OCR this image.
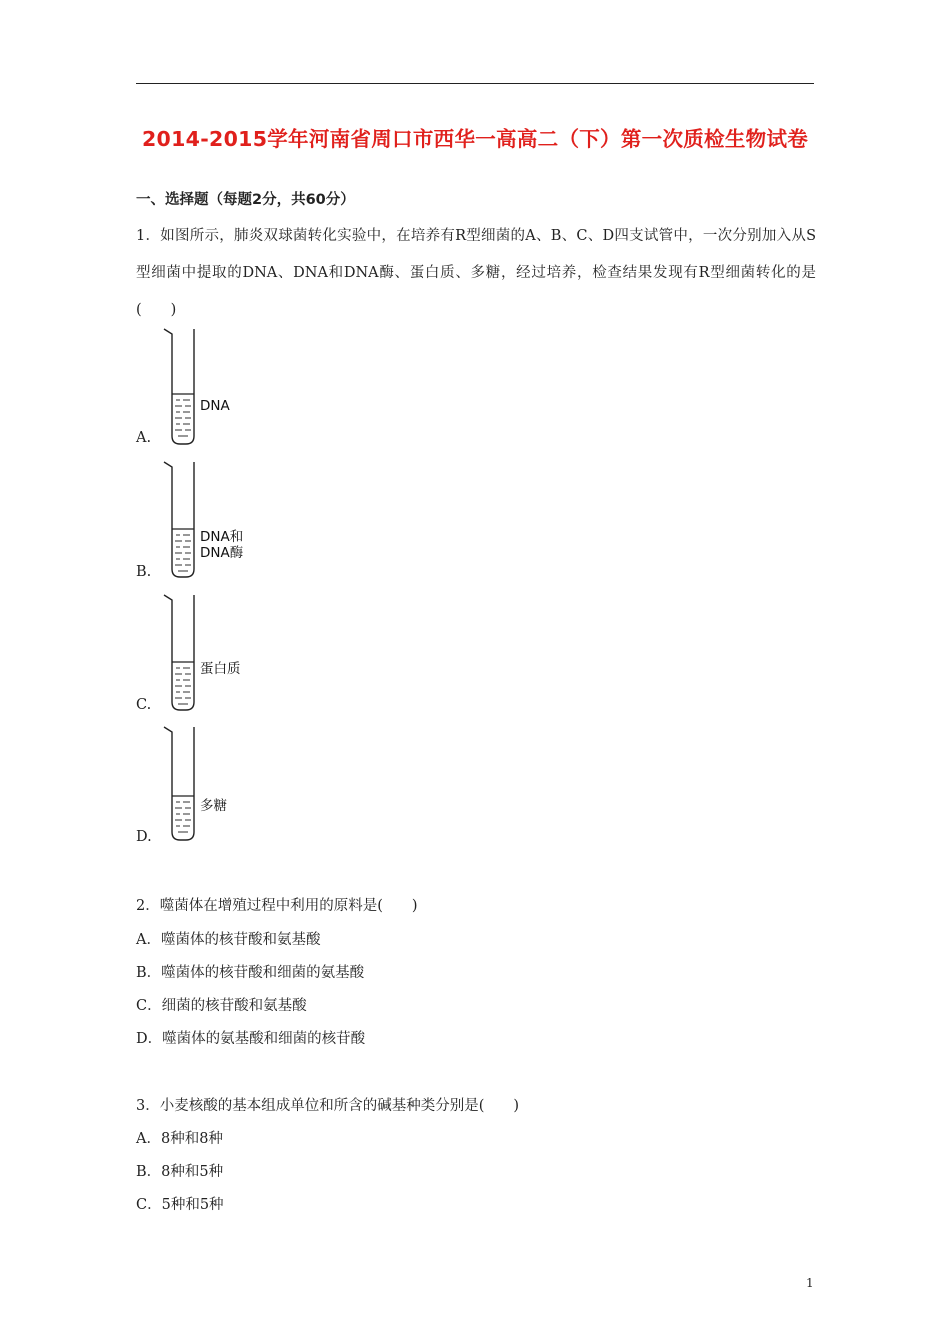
2014-2015学年河南省周口市西华一高高二（下）第一次质检生物试卷
一、选择题（每题2分，共60分）
1．如图所示，肺炎双球菌转化实验中，在培养有R型细菌的A、B、C、D四支试管中，一次分别加入从S型细菌中提取的DNA、DNA和DNA酶、蛋白质、多糖，经过培养，检查结果发现有R型细菌转化的是(　　)
DNA
A.
DNA和
DNA酶
B.
蛋白质
C.
多糖
D.
2．噬菌体在增殖过程中利用的原料是(　　)
A．噬菌体的核苷酸和氨基酸
B．噬菌体的核苷酸和细菌的氨基酸
C．细菌的核苷酸和氨基酸
D．噬菌体的氨基酸和细菌的核苷酸
3．小麦核酸的基本组成单位和所含的碱基种类分别是(　　)
A．8种和8种
B．8种和5种
C．5种和5种
1
